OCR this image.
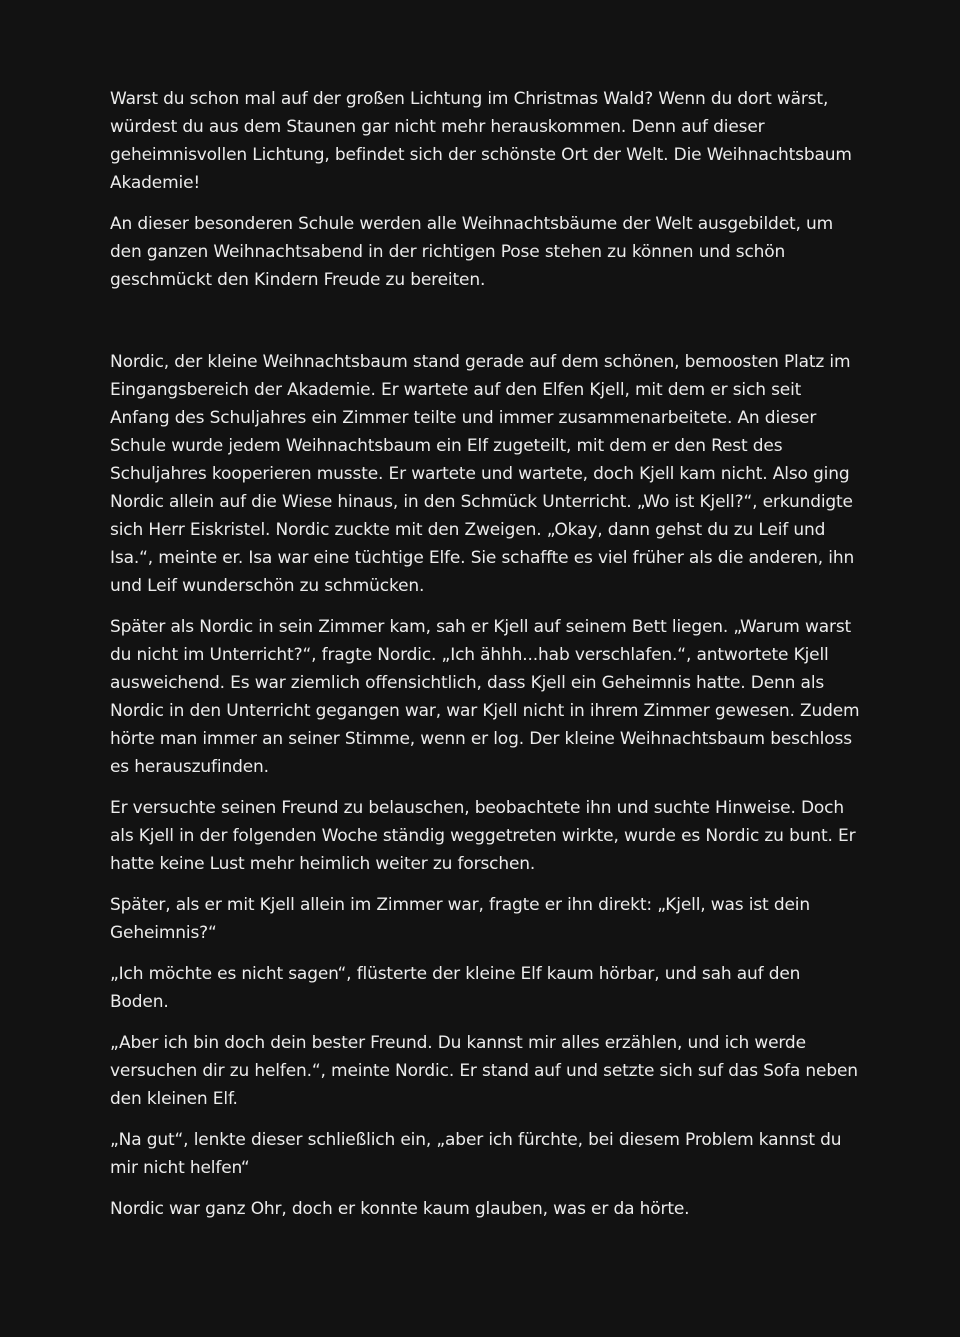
Warst du schon mal auf der großen Lichtung im Christmas Wald? Wenn du dort wärst, würdest du aus dem Staunen gar nicht mehr herauskommen. Denn auf dieser geheimnisvollen Lichtung, befindet sich der schönste Ort der Welt. Die Weihnachtsbaum Akademie!

An dieser besonderen Schule werden alle Weihnachtsbäume der Welt ausgebildet, um den ganzen Weihnachtsabend in der richtigen Pose stehen zu können und schön geschmückt den Kindern Freude zu bereiten.

Nordic, der kleine Weihnachtsbaum stand gerade auf dem schönen, bemoosten Platz im Eingangsbereich der Akademie. Er wartete auf den Elfen Kjell, mit dem er sich seit Anfang des Schuljahres ein Zimmer teilte und immer zusammenarbeitete. An dieser Schule wurde jedem Weihnachtsbaum ein Elf zugeteilt, mit dem er den Rest des Schuljahres kooperieren musste. Er wartete und wartete, doch Kjell kam nicht. Also ging Nordic allein auf die Wiese hinaus, in den Schmück Unterricht. „Wo ist Kjell?“, erkundigte sich Herr Eiskristel. Nordic zuckte mit den Zweigen. „Okay, dann gehst du zu Leif und Isa.“, meinte er. Isa war eine tüchtige Elfe. Sie schaffte es viel früher als die anderen, ihn und Leif wunderschön zu schmücken.

Später als Nordic in sein Zimmer kam, sah er Kjell auf seinem Bett liegen. „Warum warst du nicht im Unterricht?“, fragte Nordic. „Ich ähhh...hab verschlafen.“, antwortete Kjell ausweichend. Es war ziemlich offensichtlich, dass Kjell ein Geheimnis hatte. Denn als Nordic in den Unterricht gegangen war, war Kjell nicht in ihrem Zimmer gewesen. Zudem hörte man immer an seiner Stimme, wenn er log. Der kleine Weihnachtsbaum beschloss es herauszufinden.

Er versuchte seinen Freund zu belauschen, beobachtete ihn und suchte Hinweise. Doch als Kjell in der folgenden Woche ständig weggetreten wirkte, wurde es Nordic zu bunt. Er hatte keine Lust mehr heimlich weiter zu forschen.

Später, als er mit Kjell allein im Zimmer war, fragte er ihn direkt: „Kjell, was ist dein Geheimnis?“

„Ich möchte es nicht sagen“, flüsterte der kleine Elf kaum hörbar, und sah auf den Boden.

„Aber ich bin doch dein bester Freund. Du kannst mir alles erzählen, und ich werde versuchen dir zu helfen.“, meinte Nordic. Er stand auf und setzte sich suf das Sofa neben den kleinen Elf.

„Na gut“, lenkte dieser schließlich ein, „aber ich fürchte, bei diesem Problem kannst du mir nicht helfen“

Nordic war ganz Ohr, doch er konnte kaum glauben, was er da hörte.
